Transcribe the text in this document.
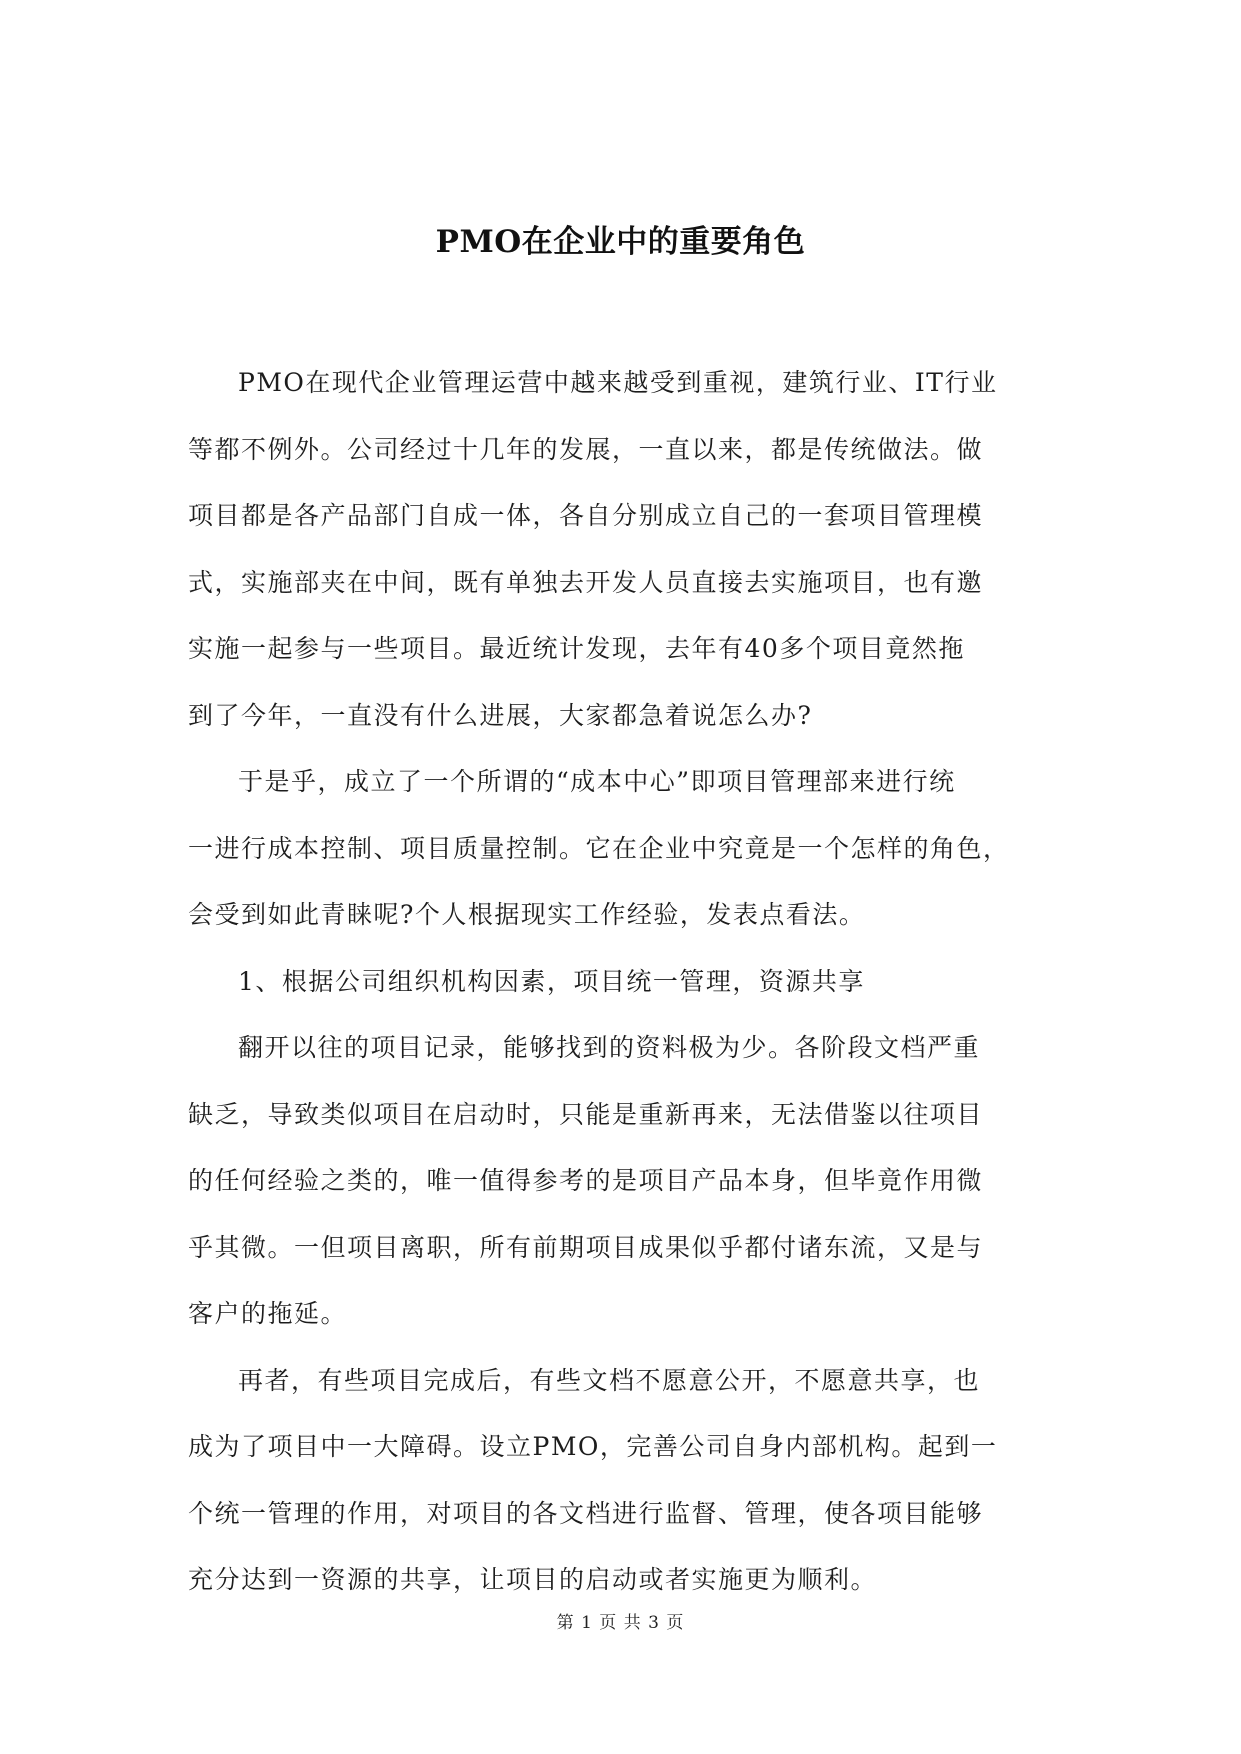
PMO在企业中的重要角色

PMO在现代企业管理运营中越来越受到重视，建筑行业、IT行业
等都不例外。公司经过十几年的发展，一直以来，都是传统做法。做
项目都是各产品部门自成一体，各自分别成立自己的一套项目管理模
式，实施部夹在中间，既有单独去开发人员直接去实施项目，也有邀
实施一起参与一些项目。最近统计发现，去年有40多个项目竟然拖
到了今年，一直没有什么进展，大家都急着说怎么办?

于是乎，成立了一个所谓的“成本中心”即项目管理部来进行统
一进行成本控制、项目质量控制。它在企业中究竟是一个怎样的角色，
会受到如此青睐呢?个人根据现实工作经验，发表点看法。

1、根据公司组织机构因素，项目统一管理，资源共享

翻开以往的项目记录，能够找到的资料极为少。各阶段文档严重
缺乏，导致类似项目在启动时，只能是重新再来，无法借鉴以往项目
的任何经验之类的，唯一值得参考的是项目产品本身，但毕竟作用微
乎其微。一但项目离职，所有前期项目成果似乎都付诸东流，又是与
客户的拖延。

再者，有些项目完成后，有些文档不愿意公开，不愿意共享，也
成为了项目中一大障碍。设立PMO，完善公司自身内部机构。起到一
个统一管理的作用，对项目的各文档进行监督、管理，使各项目能够
充分达到一资源的共享，让项目的启动或者实施更为顺利。

第 1 页 共 3 页
